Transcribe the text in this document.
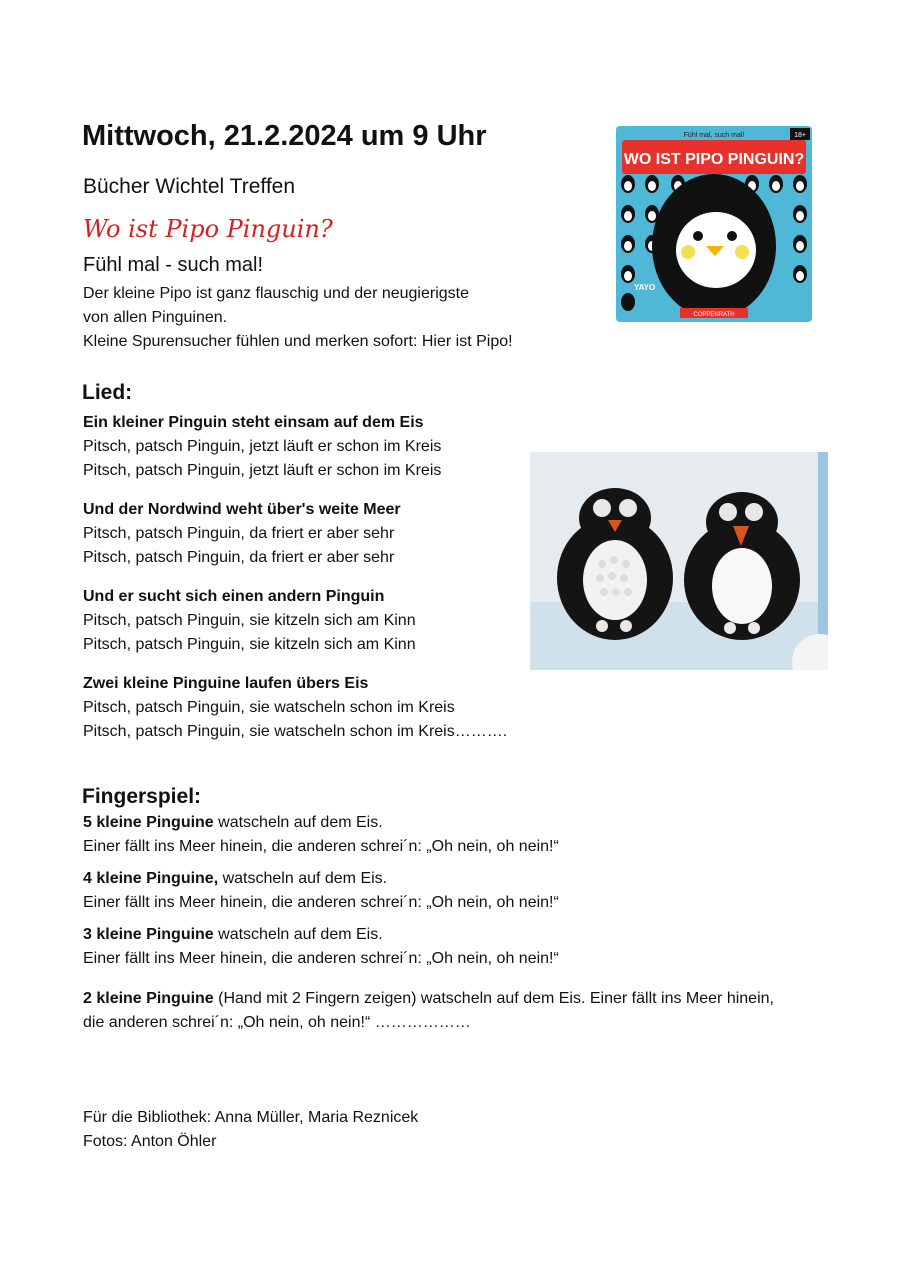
Mittwoch, 21.2.2024 um 9 Uhr
Bücher Wichtel Treffen
Wo ist Pipo Pinguin?
Fühl mal - such mal!
Der kleine Pipo ist ganz flauschig und der neugierigste
von allen Pinguinen.
Kleine Spurensucher fühlen und merken sofort: Hier ist Pipo!
Fühl mal, such mal!
WO IST PIPO PINGUIN?
18+
YAYO
COPPENRATH
Lied:
Ein kleiner Pinguin steht einsam auf dem Eis
Pitsch, patsch Pinguin, jetzt läuft er schon im Kreis
Pitsch, patsch Pinguin, jetzt läuft er schon im Kreis
Und der Nordwind weht über's weite Meer
Pitsch, patsch Pinguin, da friert er aber sehr
Pitsch, patsch Pinguin, da friert er aber sehr
Und er sucht sich einen andern Pinguin
Pitsch, patsch Pinguin, sie kitzeln sich am Kinn
Pitsch, patsch Pinguin, sie kitzeln sich am Kinn
Zwei kleine Pinguine laufen übers Eis
Pitsch, patsch Pinguin, sie watscheln schon im Kreis
Pitsch, patsch Pinguin, sie watscheln schon im Kreis……….
Fingerspiel:
5 kleine Pinguine watscheln auf dem Eis.
Einer fällt ins Meer hinein, die anderen schrei´n: „Oh nein, oh nein!“
4 kleine Pinguine, watscheln auf dem Eis.
Einer fällt ins Meer hinein, die anderen schrei´n: „Oh nein, oh nein!“
3 kleine Pinguine watscheln auf dem Eis.
Einer fällt ins Meer hinein, die anderen schrei´n: „Oh nein, oh nein!“
2 kleine Pinguine (Hand mit 2 Fingern zeigen) watscheln auf dem Eis. Einer fällt ins Meer hinein,
die anderen schrei´n: „Oh nein, oh nein!“ ………………
Für die Bibliothek: Anna Müller, Maria Reznicek
Fotos: Anton Öhler
